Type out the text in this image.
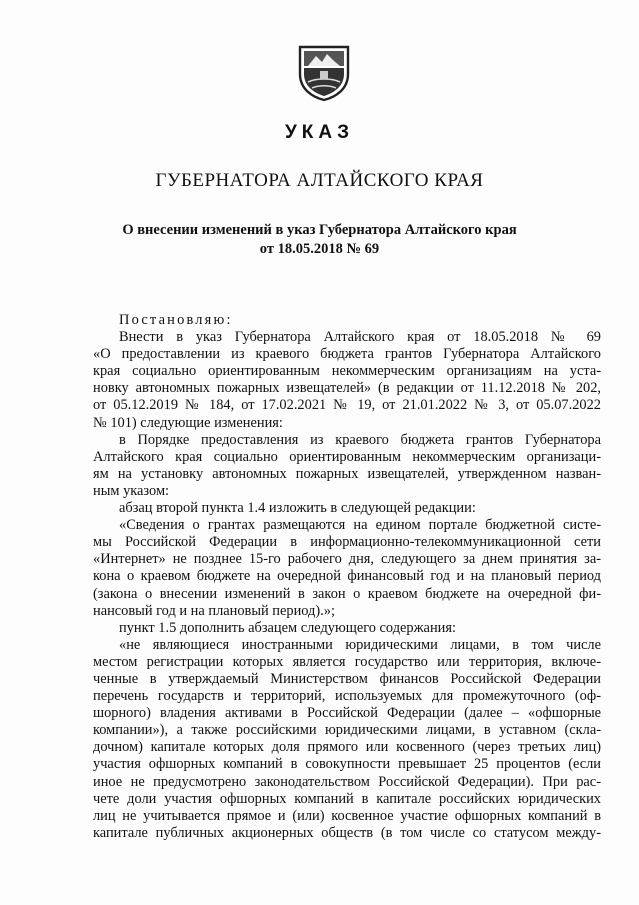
УКАЗ
ГУБЕРНАТОРА АЛТАЙСКОГО КРАЯ
О внесении изменений в указ Губернатора Алтайского края
от 18.05.2018 № 69
Постановляю:
Внести в указ Губернатора Алтайского края от 18.05.2018 № 69
«О предоставлении из краевого бюджета грантов Губернатора Алтайского
края социально ориентированным некоммерческим организациям на уста-
новку автономных пожарных извещателей» (в редакции от 11.12.2018 № 202,
от 05.12.2019 № 184, от 17.02.2021 № 19, от 21.01.2022 № 3, от 05.07.2022
№ 101) следующие изменения:
в Порядке предоставления из краевого бюджета грантов Губернатора
Алтайского края социально ориентированным некоммерческим организаци-
ям на установку автономных пожарных извещателей, утвержденном назван-
ным указом:
абзац второй пункта 1.4 изложить в следующей редакции:
«Сведения о грантах размещаются на едином портале бюджетной систе-
мы Российской Федерации в информационно-телекоммуникационной сети
«Интернет» не позднее 15-го рабочего дня, следующего за днем принятия за-
кона о краевом бюджете на очередной финансовый год и на плановый период
(закона о внесении изменений в закон о краевом бюджете на очередной фи-
нансовый год и на плановый период).»;
пункт 1.5 дополнить абзацем следующего содержания:
«не являющиеся иностранными юридическими лицами, в том числе
местом регистрации которых является государство или территория, включе-
ченные в утверждаемый Министерством финансов Российской Федерации
перечень государств и территорий, используемых для промежуточного (оф-
шорного) владения активами в Российской Федерации (далее – «офшорные
компании»), а также российскими юридическими лицами, в уставном (скла-
дочном) капитале которых доля прямого или косвенного (через третьих лиц)
участия офшорных компаний в совокупности превышает 25 процентов (если
иное не предусмотрено законодательством Российской Федерации). При рас-
чете доли участия офшорных компаний в капитале российских юридических
лиц не учитывается прямое и (или) косвенное участие офшорных компаний в
капитале публичных акционерных обществ (в том числе со статусом между-
